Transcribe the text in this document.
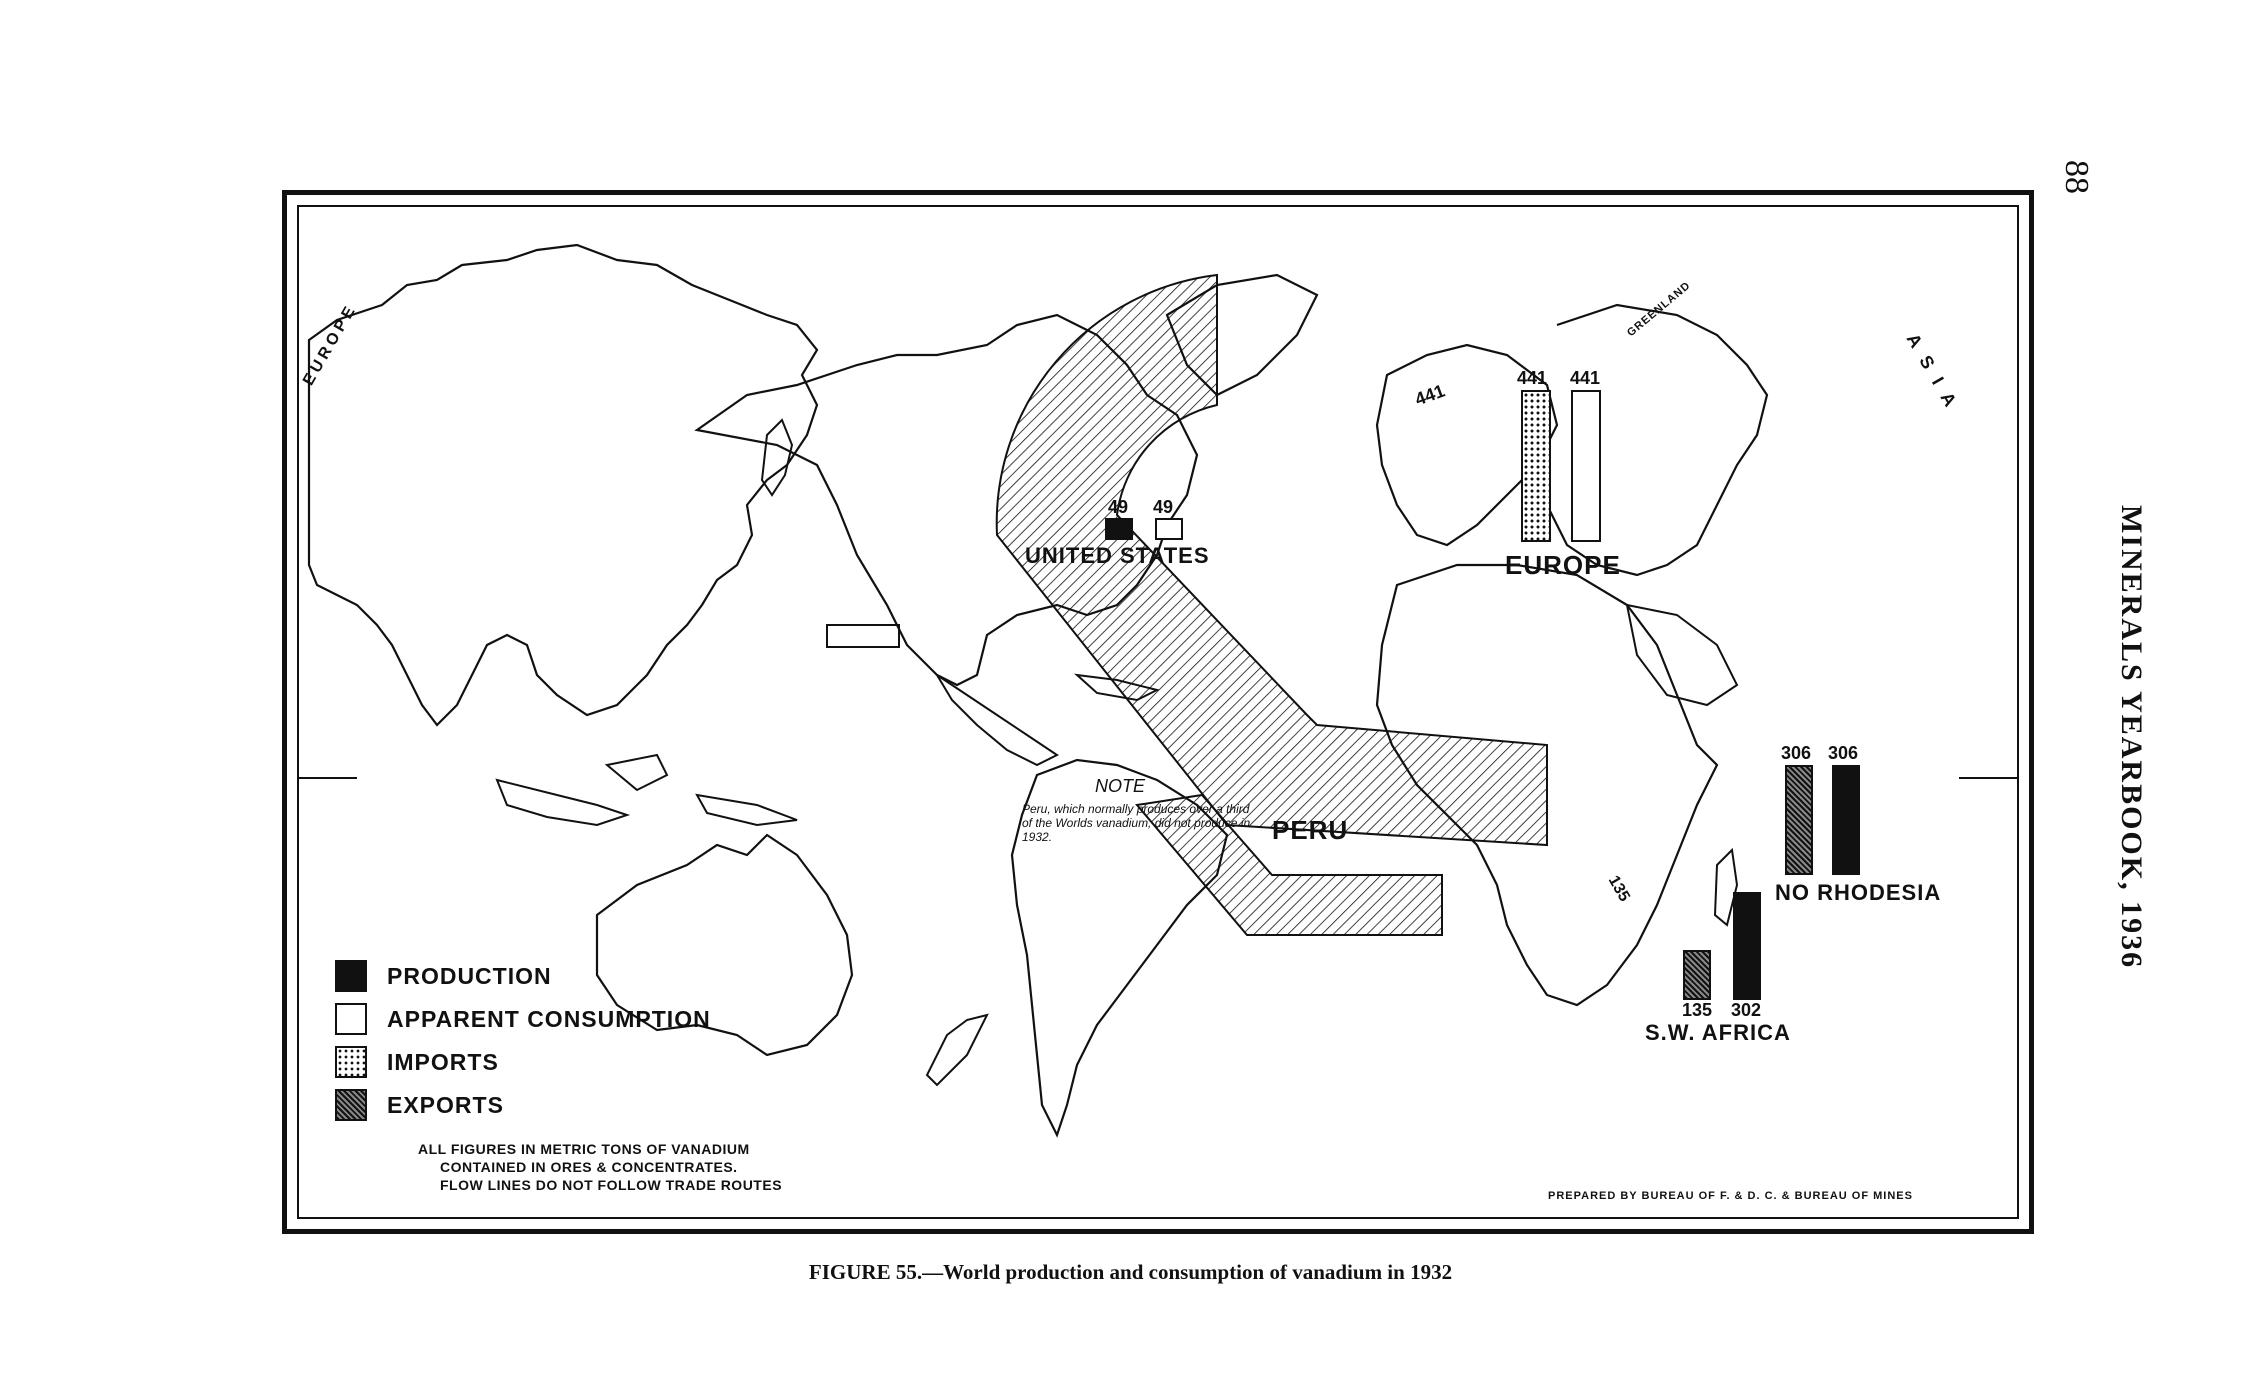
88
MINERALS YEARBOOK, 1936
EUROPE	A S I A
GREENLAND
441
135
49 49
UNITED STATES
441 441
EUROPE
PERU
NOTE
Peru, which normally produces over a third of the Worlds vanadium, did not produce in 1932.
306 306
NO RHODESIA
135 302
S.W. AFRICA
PRODUCTION
APPARENT CONSUMPTION
IMPORTS
EXPORTS
ALL FIGURES IN METRIC TONS OF VANADIUM
CONTAINED IN ORES & CONCENTRATES.
FLOW LINES DO NOT FOLLOW TRADE ROUTES
PREPARED BY BUREAU OF F. & D. C. & BUREAU OF MINES
FIGURE 55.—World production and consumption of vanadium in 1932
